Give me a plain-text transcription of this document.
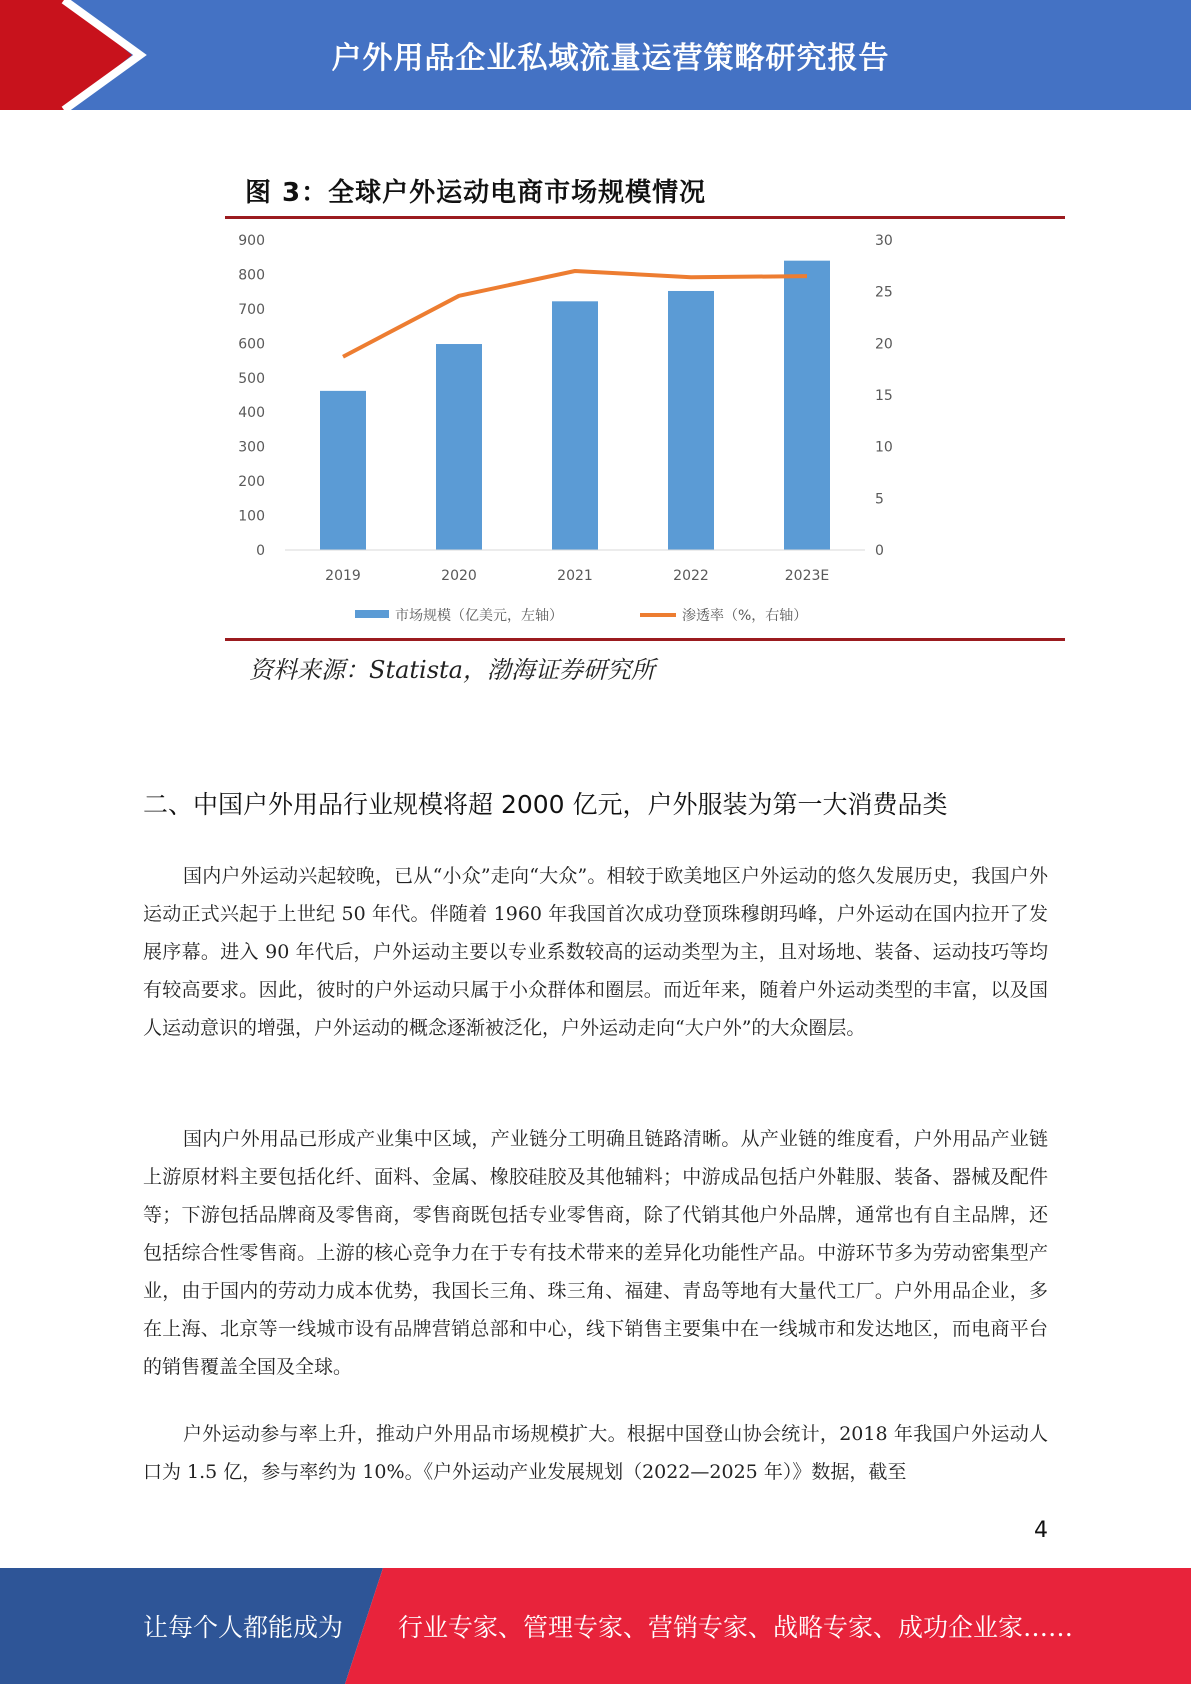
户外用品企业私域流量运营策略研究报告
图 3：全球户外运动电商市场规模情况
0
100
200
300
400
500
600
700
800
900
0
5
10
15
20
25
30
2019	2020	2021	2022	2023E
市场规模（亿美元，左轴）	渗透率（%，右轴）
资料来源：Statista，渤海证券研究所
二、中国户外用品行业规模将超 2000 亿元，户外服装为第一大消费品类

国内户外运动兴起较晚，已从“小众”走向“大众”。相较于欧美地区户外运动的悠久发展历史，我国户外运动正式兴起于上世纪 50 年代。伴随着 1960 年我国首次成功登顶珠穆朗玛峰，户外运动在国内拉开了发展序幕。进入 90 年代后，户外运动主要以专业系数较高的运动类型为主，且对场地、装备、运动技巧等均有较高要求。因此，彼时的户外运动只属于小众群体和圈层。而近年来，随着户外运动类型的丰富，以及国人运动意识的增强，户外运动的概念逐渐被泛化，户外运动走向“大户外”的大众圈层。

国内户外用品已形成产业集中区域，产业链分工明确且链路清晰。从产业链的维度看，户外用品产业链上游原材料主要包括化纤、面料、金属、橡胶硅胶及其他辅料；中游成品包括户外鞋服、装备、器械及配件等；下游包括品牌商及零售商，零售商既包括专业零售商，除了代销其他户外品牌，通常也有自主品牌，还包括综合性零售商。上游的核心竞争力在于专有技术带来的差异化功能性产品。中游环节多为劳动密集型产业，由于国内的劳动力成本优势，我国长三角、珠三角、福建、青岛等地有大量代工厂。户外用品企业，多在上海、北京等一线城市设有品牌营销总部和中心，线下销售主要集中在一线城市和发达地区，而电商平台的销售覆盖全国及全球。

户外运动参与率上升，推动户外用品市场规模扩大。根据中国登山协会统计，2018 年我国户外运动人口为 1.5 亿，参与率约为 10%。《户外运动产业发展规划（2022—2025 年）》数据，截至

4
让每个人都能成为 行业专家、管理专家、营销专家、战略专家、成功企业家……
